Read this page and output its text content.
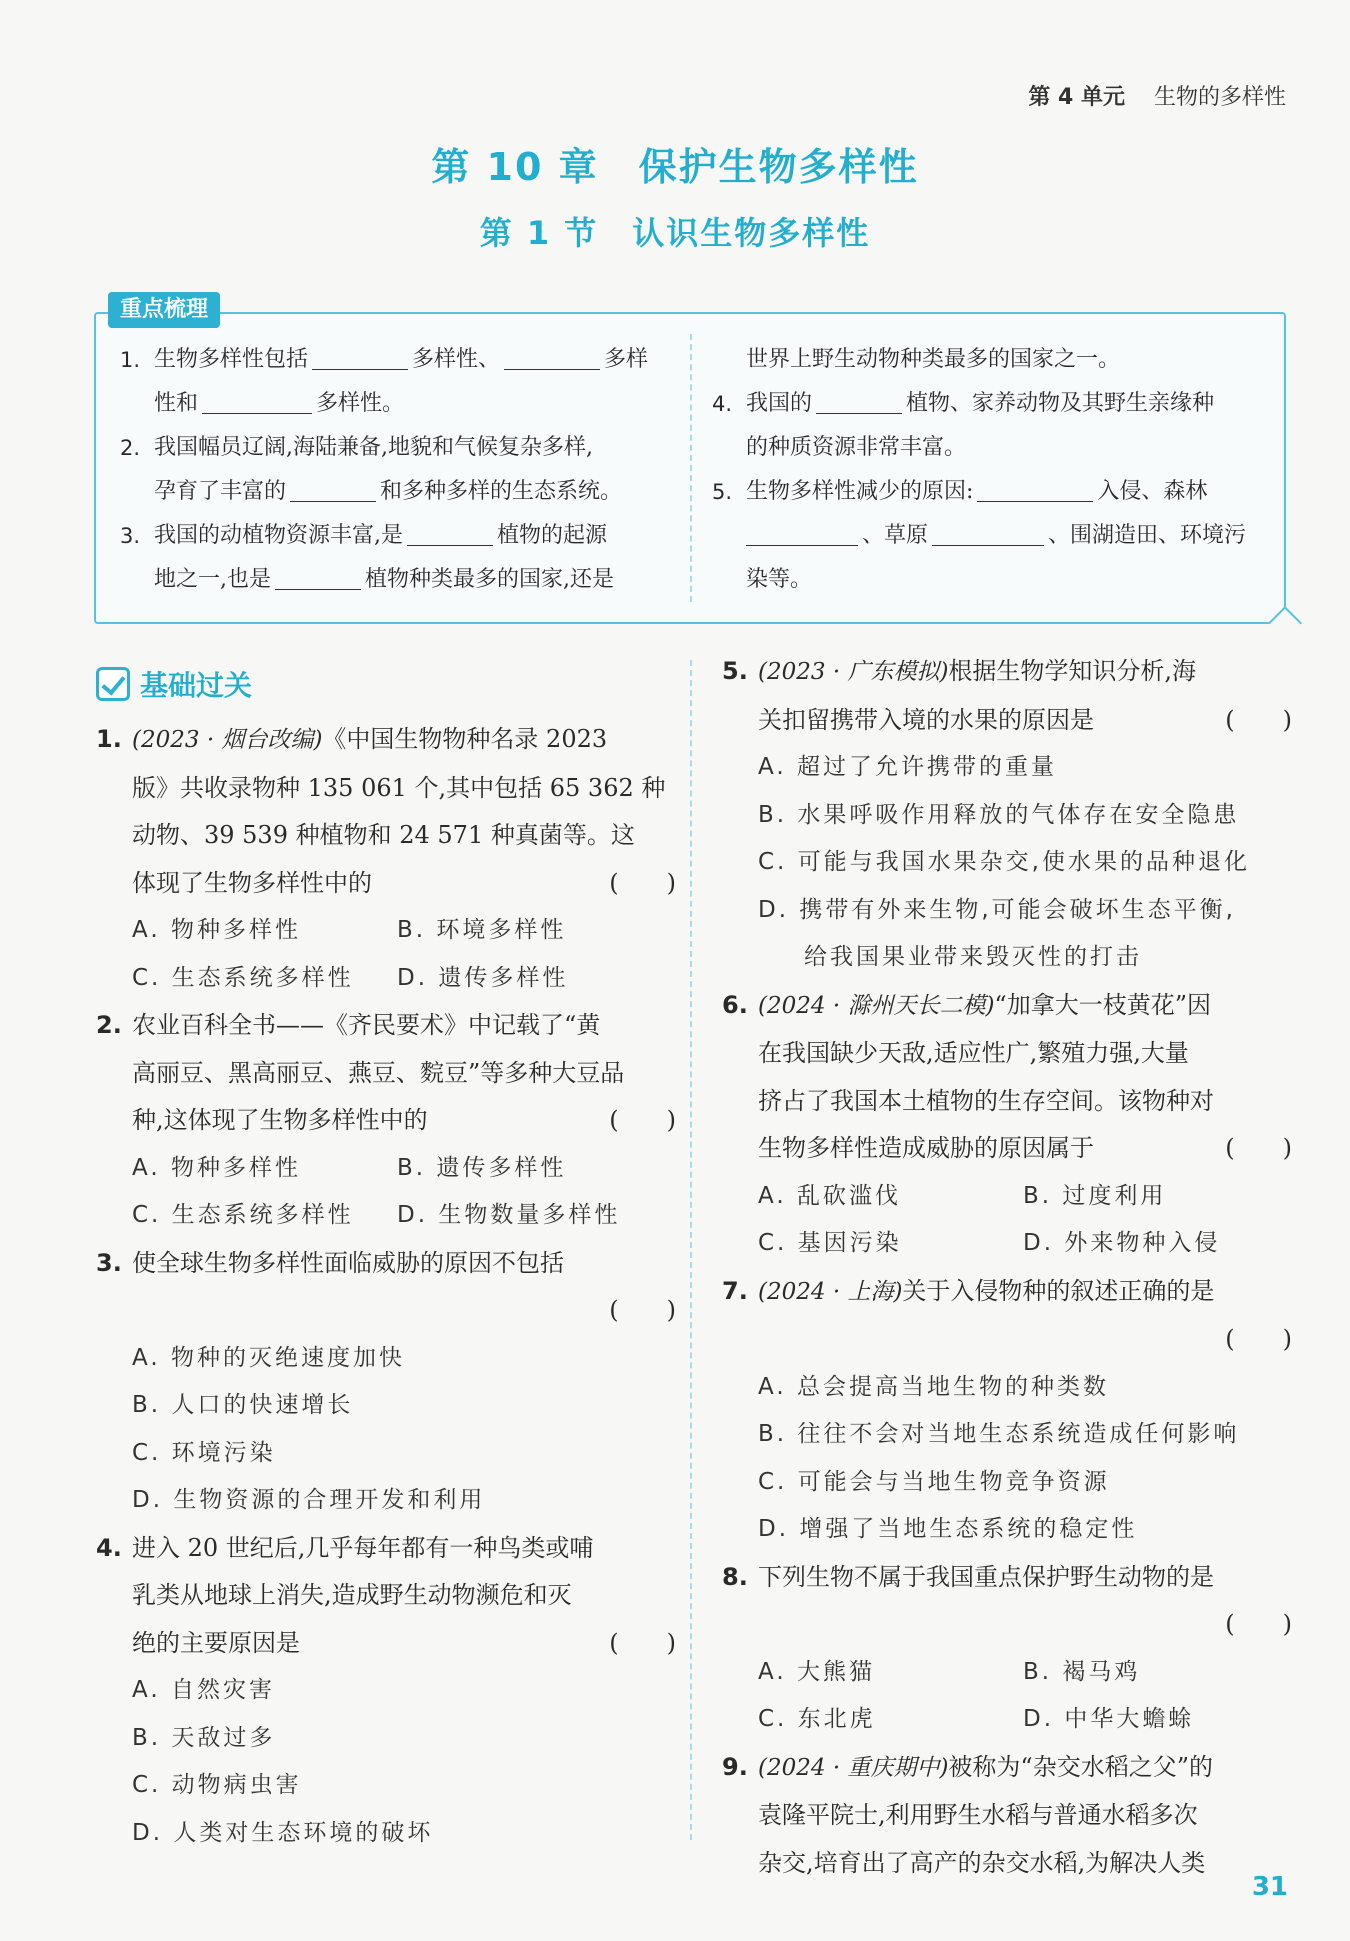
第 4 单元 生物的多样性
第 10 章　保护生物多样性
第 1 节　认识生物多样性
重点梳理
1. 生物多样性包括	多样性、	多样
性和	多样性。
2. 我国幅员辽阔,海陆兼备,地貌和气候复杂多样,
孕育了丰富的	和多种多样的生态系统。
3. 我国的动植物资源丰富,是	植物的起源
地之一,也是	植物种类最多的国家,还是
世界上野生动物种类最多的国家之一。
4. 我国的	植物、家养动物及其野生亲缘种
的种质资源非常丰富。
5. 生物多样性减少的原因:	入侵、森林
、草原	、围湖造田、环境污
染等。
基础过关
1. (2023 · 烟台改编)《中国生物物种名录 2023
版》共收录物种 135 061 个,其中包括 65 362 种
动物、39 539 种植物和 24 571 种真菌等。这
体现了生物多样性中的	(　　)
A. 物种多样性	B. 环境多样性
C. 生态系统多样性	D. 遗传多样性
2. 农业百科全书——《齐民要术》中记载了“黄
高丽豆、黑高丽豆、燕豆、䴷豆”等多种大豆品
种,这体现了生物多样性中的	(　　)
A. 物种多样性	B. 遗传多样性
C. 生态系统多样性	D. 生物数量多样性
3. 使全球生物多样性面临威胁的原因不包括
(　　)

A. 物种的灭绝速度加快
B. 人口的快速增长
C. 环境污染
D. 生物资源的合理开发和利用
4. 进入 20 世纪后,几乎每年都有一种鸟类或哺
乳类从地球上消失,造成野生动物濒危和灭
绝的主要原因是	(　　)
A. 自然灾害
B. 天敌过多
C. 动物病虫害
D. 人类对生态环境的破坏
5. (2023 · 广东模拟)根据生物学知识分析,海
关扣留携带入境的水果的原因是	(　　)
A. 超过了允许携带的重量
B. 水果呼吸作用释放的气体存在安全隐患
C. 可能与我国水果杂交,使水果的品种退化
D. 携带有外来生物,可能会破坏生态平衡,
给我国果业带来毁灭性的打击
6. (2024 · 滁州天长二模)“加拿大一枝黄花”因
在我国缺少天敌,适应性广,繁殖力强,大量
挤占了我国本土植物的生存空间。该物种对
生物多样性造成威胁的原因属于	(　　)
A. 乱砍滥伐	B. 过度利用
C. 基因污染	D. 外来物种入侵
7. (2024 · 上海)关于入侵物种的叙述正确的是
(　　)

A. 总会提高当地生物的种类数
B. 往往不会对当地生态系统造成任何影响
C. 可能会与当地生物竞争资源
D. 增强了当地生态系统的稳定性
8. 下列生物不属于我国重点保护野生动物的是
(　　)

A. 大熊猫	B. 褐马鸡
C. 东北虎	D. 中华大蟾蜍
9. (2024 · 重庆期中)被称为“杂交水稻之父”的
袁隆平院士,利用野生水稻与普通水稻多次
杂交,培育出了高产的杂交水稻,为解决人类
31
